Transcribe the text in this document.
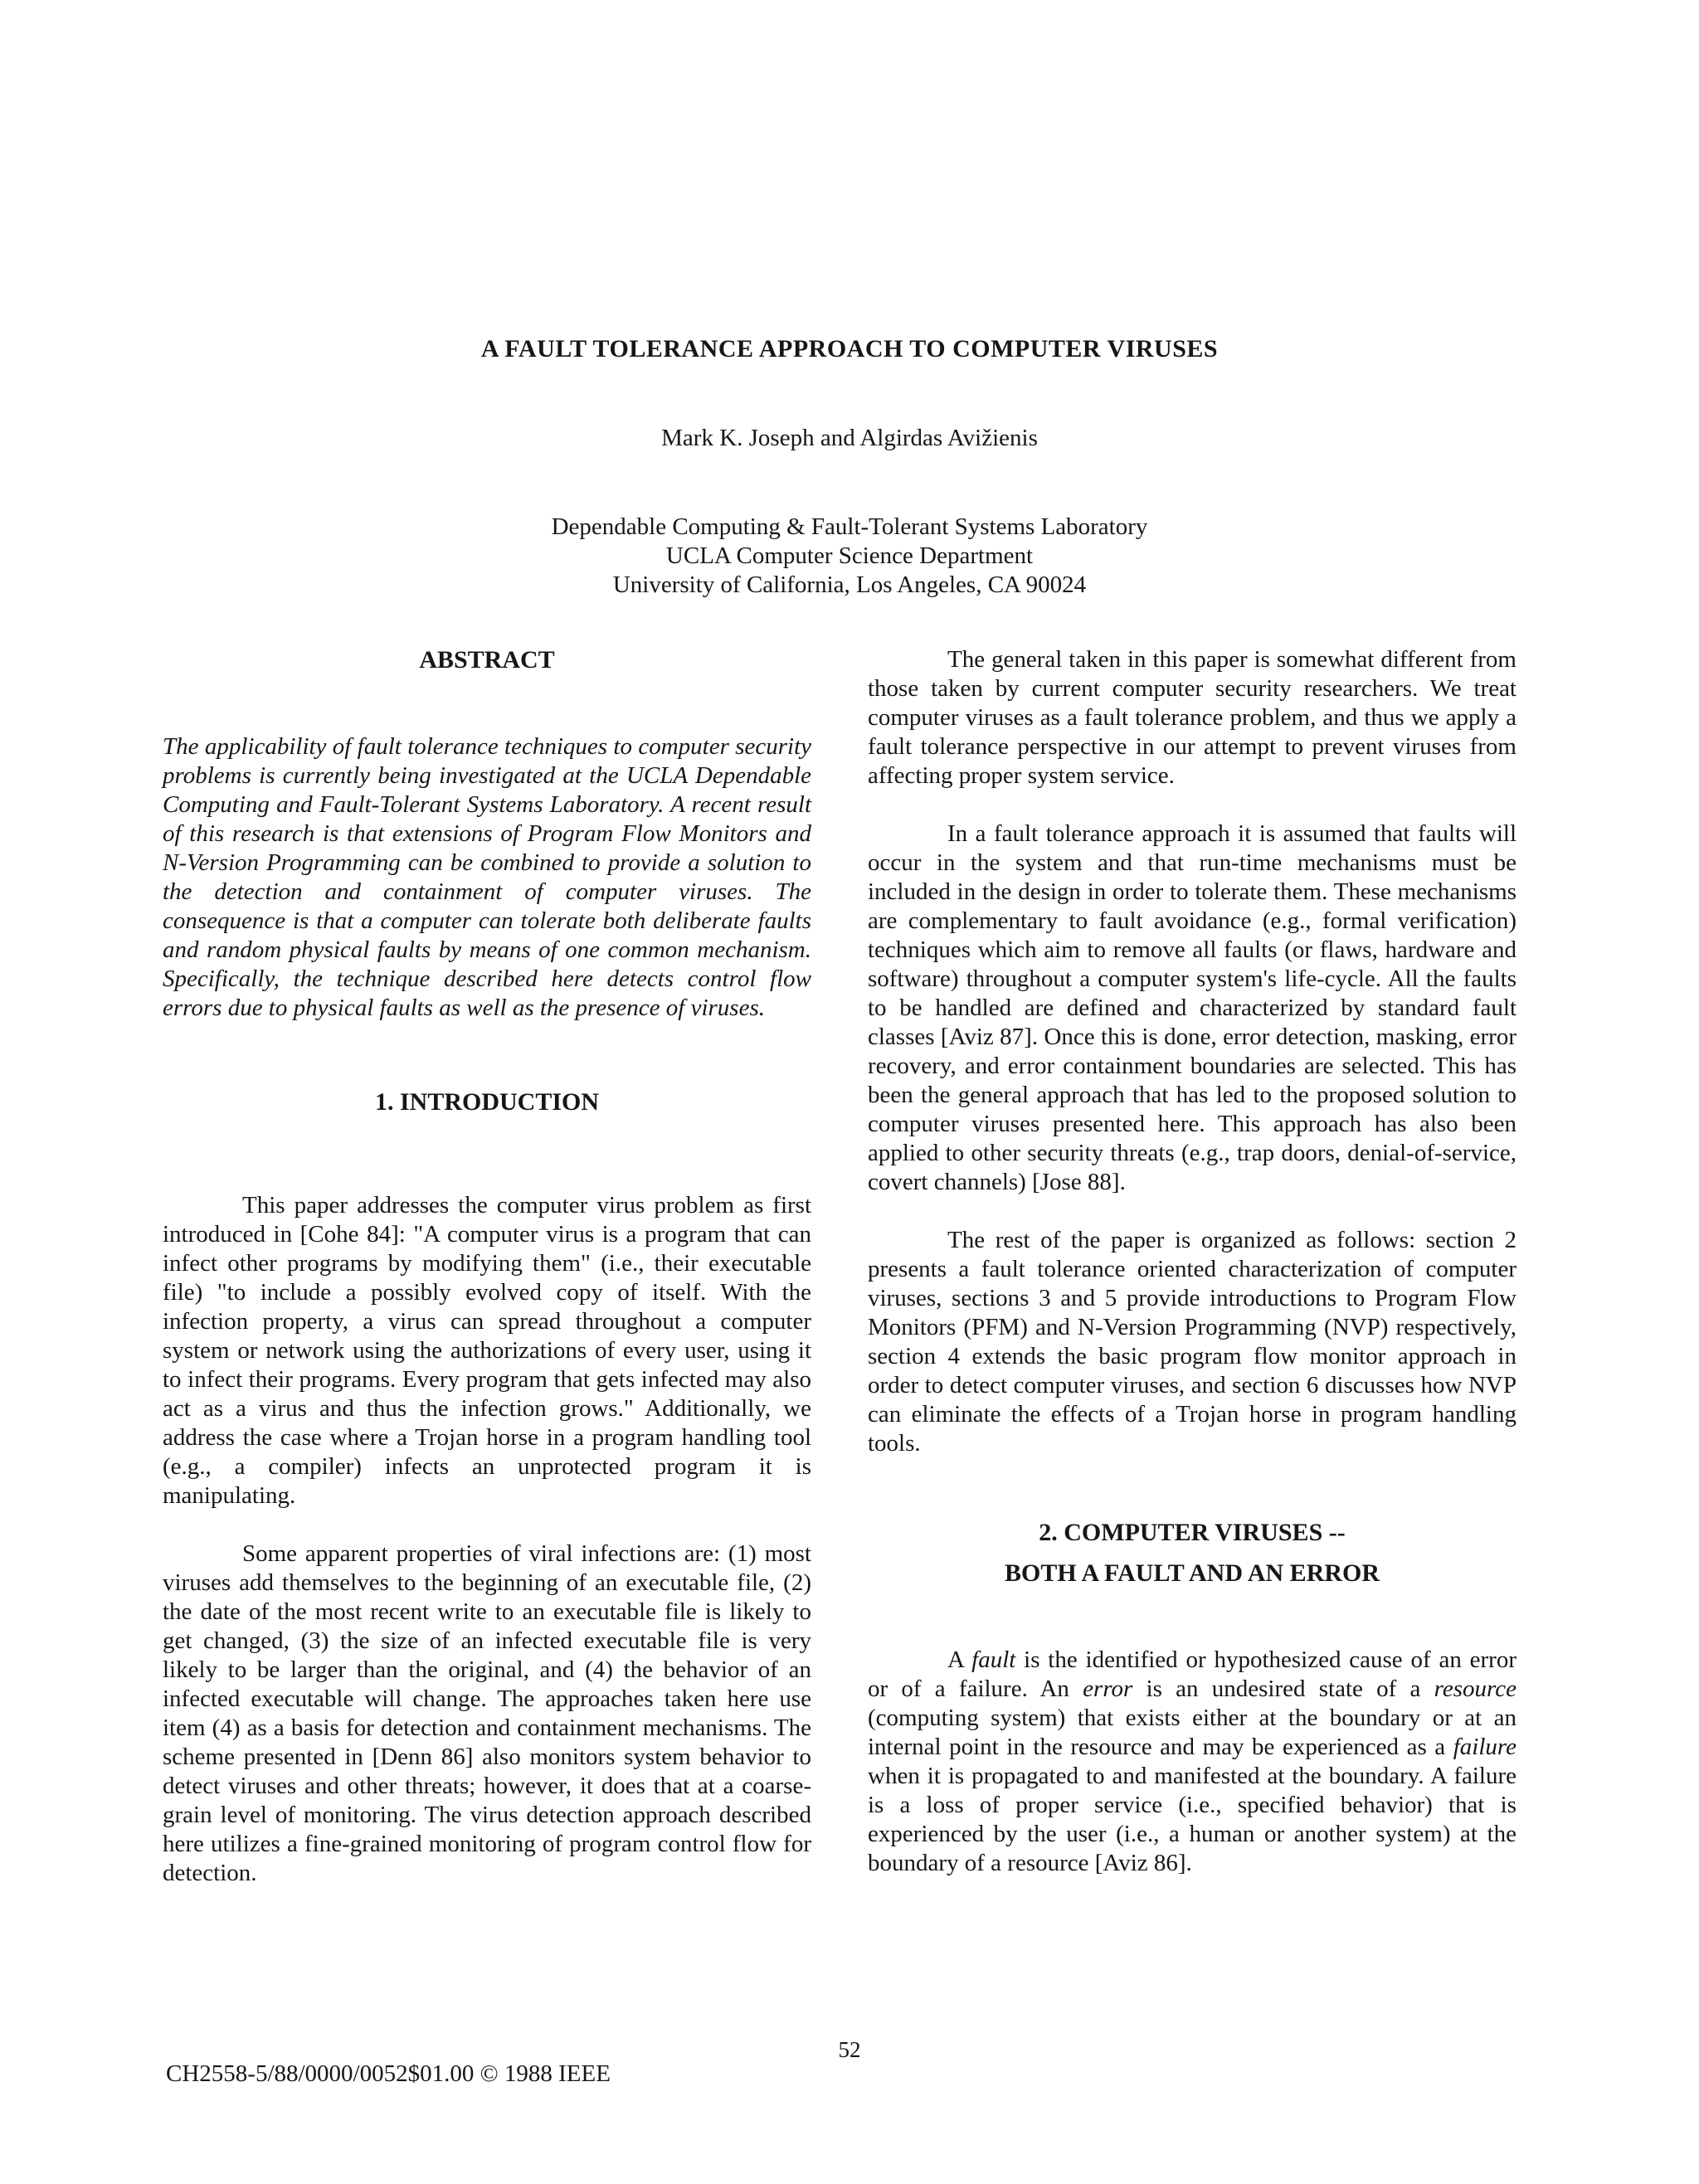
A FAULT TOLERANCE APPROACH TO COMPUTER VIRUSES
Mark K. Joseph and Algirdas Avižienis
Dependable Computing & Fault-Tolerant Systems Laboratory
UCLA Computer Science Department
University of California, Los Angeles, CA 90024
ABSTRACT

The applicability of fault tolerance techniques to computer security problems is currently being investigated at the UCLA Dependable Computing and Fault-Tolerant Systems Laboratory. A recent result of this research is that extensions of Program Flow Monitors and N-Version Programming can be combined to provide a solution to the detection and containment of computer viruses. The consequence is that a computer can tolerate both deliberate faults and random physical faults by means of one common mechanism. Specifically, the technique described here detects control flow errors due to physical faults as well as the presence of viruses.

1. INTRODUCTION

This paper addresses the computer virus problem as first introduced in [Cohe 84]: "A computer virus is a program that can infect other programs by modifying them" (i.e., their executable file) "to include a possibly evolved copy of itself. With the infection property, a virus can spread throughout a computer system or network using the authorizations of every user, using it to infect their programs. Every program that gets infected may also act as a virus and thus the infection grows." Additionally, we address the case where a Trojan horse in a program handling tool (e.g., a compiler) infects an unprotected program it is manipulating.

Some apparent properties of viral infections are: (1) most viruses add themselves to the beginning of an executable file, (2) the date of the most recent write to an executable file is likely to get changed, (3) the size of an infected executable file is very likely to be larger than the original, and (4) the behavior of an infected executable will change. The approaches taken here use item (4) as a basis for detection and containment mechanisms. The scheme presented in [Denn 86] also monitors system behavior to detect viruses and other threats; however, it does that at a coarse-grain level of monitoring. The virus detection approach described here utilizes a fine-grained monitoring of program control flow for detection.

The general taken in this paper is somewhat different from those taken by current computer security researchers. We treat computer viruses as a fault tolerance problem, and thus we apply a fault tolerance perspective in our attempt to prevent viruses from affecting proper system service.

In a fault tolerance approach it is assumed that faults will occur in the system and that run-time mechanisms must be included in the design in order to tolerate them. These mechanisms are complementary to fault avoidance (e.g., formal verification) techniques which aim to remove all faults (or flaws, hardware and software) throughout a computer system's life-cycle. All the faults to be handled are defined and characterized by standard fault classes [Aviz 87]. Once this is done, error detection, masking, error recovery, and error containment boundaries are selected. This has been the general approach that has led to the proposed solution to computer viruses presented here. This approach has also been applied to other security threats (e.g., trap doors, denial-of-service, covert channels) [Jose 88].

The rest of the paper is organized as follows: section 2 presents a fault tolerance oriented characterization of computer viruses, sections 3 and 5 provide introductions to Program Flow Monitors (PFM) and N-Version Programming (NVP) respectively, section 4 extends the basic program flow monitor approach in order to detect computer viruses, and section 6 discusses how NVP can eliminate the effects of a Trojan horse in program handling tools.

2. COMPUTER VIRUSES --
BOTH A FAULT AND AN ERROR

A fault is the identified or hypothesized cause of an error or of a failure. An error is an undesired state of a resource (computing system) that exists either at the boundary or at an internal point in the resource and may be experienced as a failure when it is propagated to and manifested at the boundary. A failure is a loss of proper service (i.e., specified behavior) that is experienced by the user (i.e., a human or another system) at the boundary of a resource [Aviz 86].

52
CH2558-5/88/0000/0052$01.00 © 1988 IEEE
